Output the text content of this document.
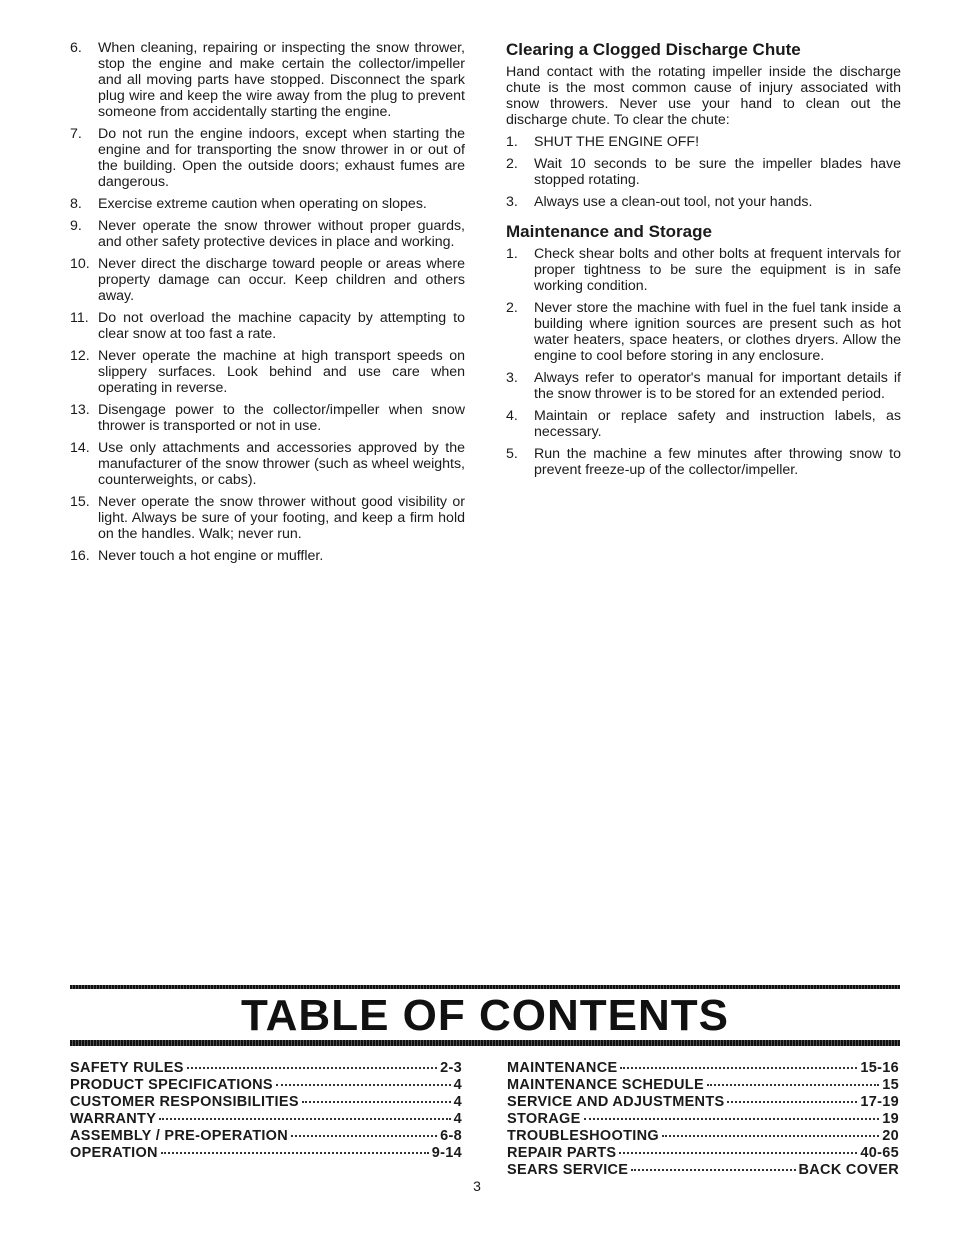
6.	When cleaning, repairing or inspecting the snow thrower, stop the engine and make certain the collector/impeller and all moving parts have stopped. Disconnect the spark plug wire and keep the wire away from the plug to prevent someone from accidentally starting the engine.
7.	Do not run the engine indoors, except when starting the engine and for transporting the snow thrower in or out of the building. Open the outside doors; exhaust fumes are dangerous.
8.	Exercise extreme caution when operating on slopes.
9.	Never operate the snow thrower without proper guards, and other safety protective devices in place and working.
10. Never direct the discharge toward people or areas where property damage can occur. Keep children and others away.
11. Do not overload the machine capacity by attempting to clear snow at too fast a rate.
12. Never operate the machine at high transport speeds on slippery surfaces. Look behind and use care when operating in reverse.
13. Disengage power to the collector/impeller when snow thrower is transported or not in use.
14. Use only attachments and accessories approved by the manufacturer of the snow thrower (such as wheel weights, counterweights, or cabs).
15. Never operate the snow thrower without good visibility or light. Always be sure of your footing, and keep a firm hold on the handles. Walk; never run.
16. Never touch a hot engine or muffler.
Clearing a Clogged Discharge Chute

Hand contact with the rotating impeller inside the discharge chute is the most common cause of injury associated with snow throwers. Never use your hand to clean out the discharge chute. To clear the chute:

1.	SHUT THE ENGINE OFF!
2.	Wait 10 seconds to be sure the impeller blades have stopped rotating.
3.	Always use a clean-out tool, not your hands.
Maintenance and Storage
1.	Check shear bolts and other bolts at frequent intervals for proper tightness to be sure the equipment is in safe working condition.
2.	Never store the machine with fuel in the fuel tank inside a building where ignition sources are present such as hot water heaters, space heaters, or clothes dryers. Allow the engine to cool before storing in any enclosure.
3.	Always refer to operator's manual for important details if the snow thrower is to be stored for an extended period.
4.	Maintain or replace safety and instruction labels, as necessary.
5.	Run the machine a few minutes after throwing snow to prevent freeze-up of the collector/impeller.
TABLE OF CONTENTS
SAFETY RULES	2-3
PRODUCT SPECIFICATIONS	4
CUSTOMER RESPONSIBILITIES	4
WARRANTY	4
ASSEMBLY / PRE-OPERATION	6-8
OPERATION	9-14
MAINTENANCE	15-16
MAINTENANCE SCHEDULE	15
SERVICE AND ADJUSTMENTS	17-19
STORAGE	19
TROUBLESHOOTING	20
REPAIR PARTS	40-65
SEARS SERVICE	BACK COVER
3
